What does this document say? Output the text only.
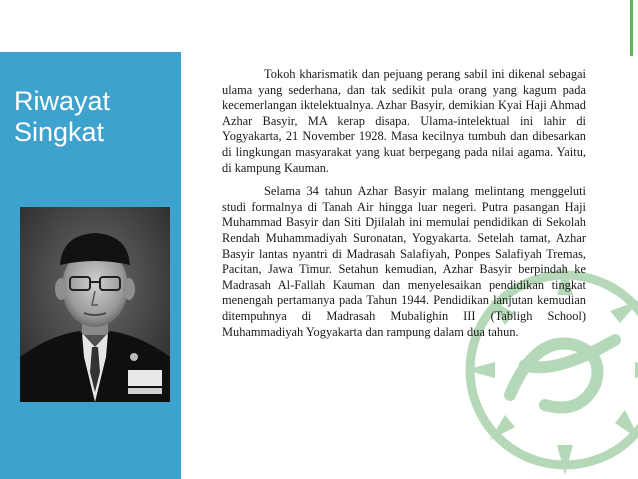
Riwayat
Singkat

Tokoh kharismatik dan pejuang perang sabil ini dikenal sebagai ulama yang sederhana, dan tak sedikit pula orang yang kagum pada kecemerlangan iktelektualnya. Azhar Basyir, demikian Kyai Haji Ahmad Azhar Basyir, MA kerap disapa. Ulama-intelektual ini lahir di Yogyakarta, 21 November 1928. Masa kecilnya tumbuh dan dibesarkan di lingkungan masyarakat yang kuat berpegang pada nilai agama. Yaitu, di kampung Kauman.

Selama 34 tahun Azhar Basyir malang melintang menggeluti studi formalnya di Tanah Air hingga luar negeri. Putra pasangan Haji Muhammad Basyir dan Siti Djilalah ini memulai pendidikan di Sekolah Rendah Muhammadiyah Suronatan, Yogyakarta. Setelah tamat, Azhar Basyir lantas nyantri di Madrasah Salafiyah, Ponpes Salafiyah Tremas, Pacitan, Jawa Timur. Setahun kemudian, Azhar Basyir berpindah ke Madrasah Al-Fallah Kauman dan menyelesaikan pendidikan tingkat menengah pertamanya pada Tahun 1944. Pendidikan lanjutan kemudian ditempuhnya di Madrasah Mubalighin III (Tabligh School) Muhammadiyah Yogyakarta dan rampung dalam dua tahun.
